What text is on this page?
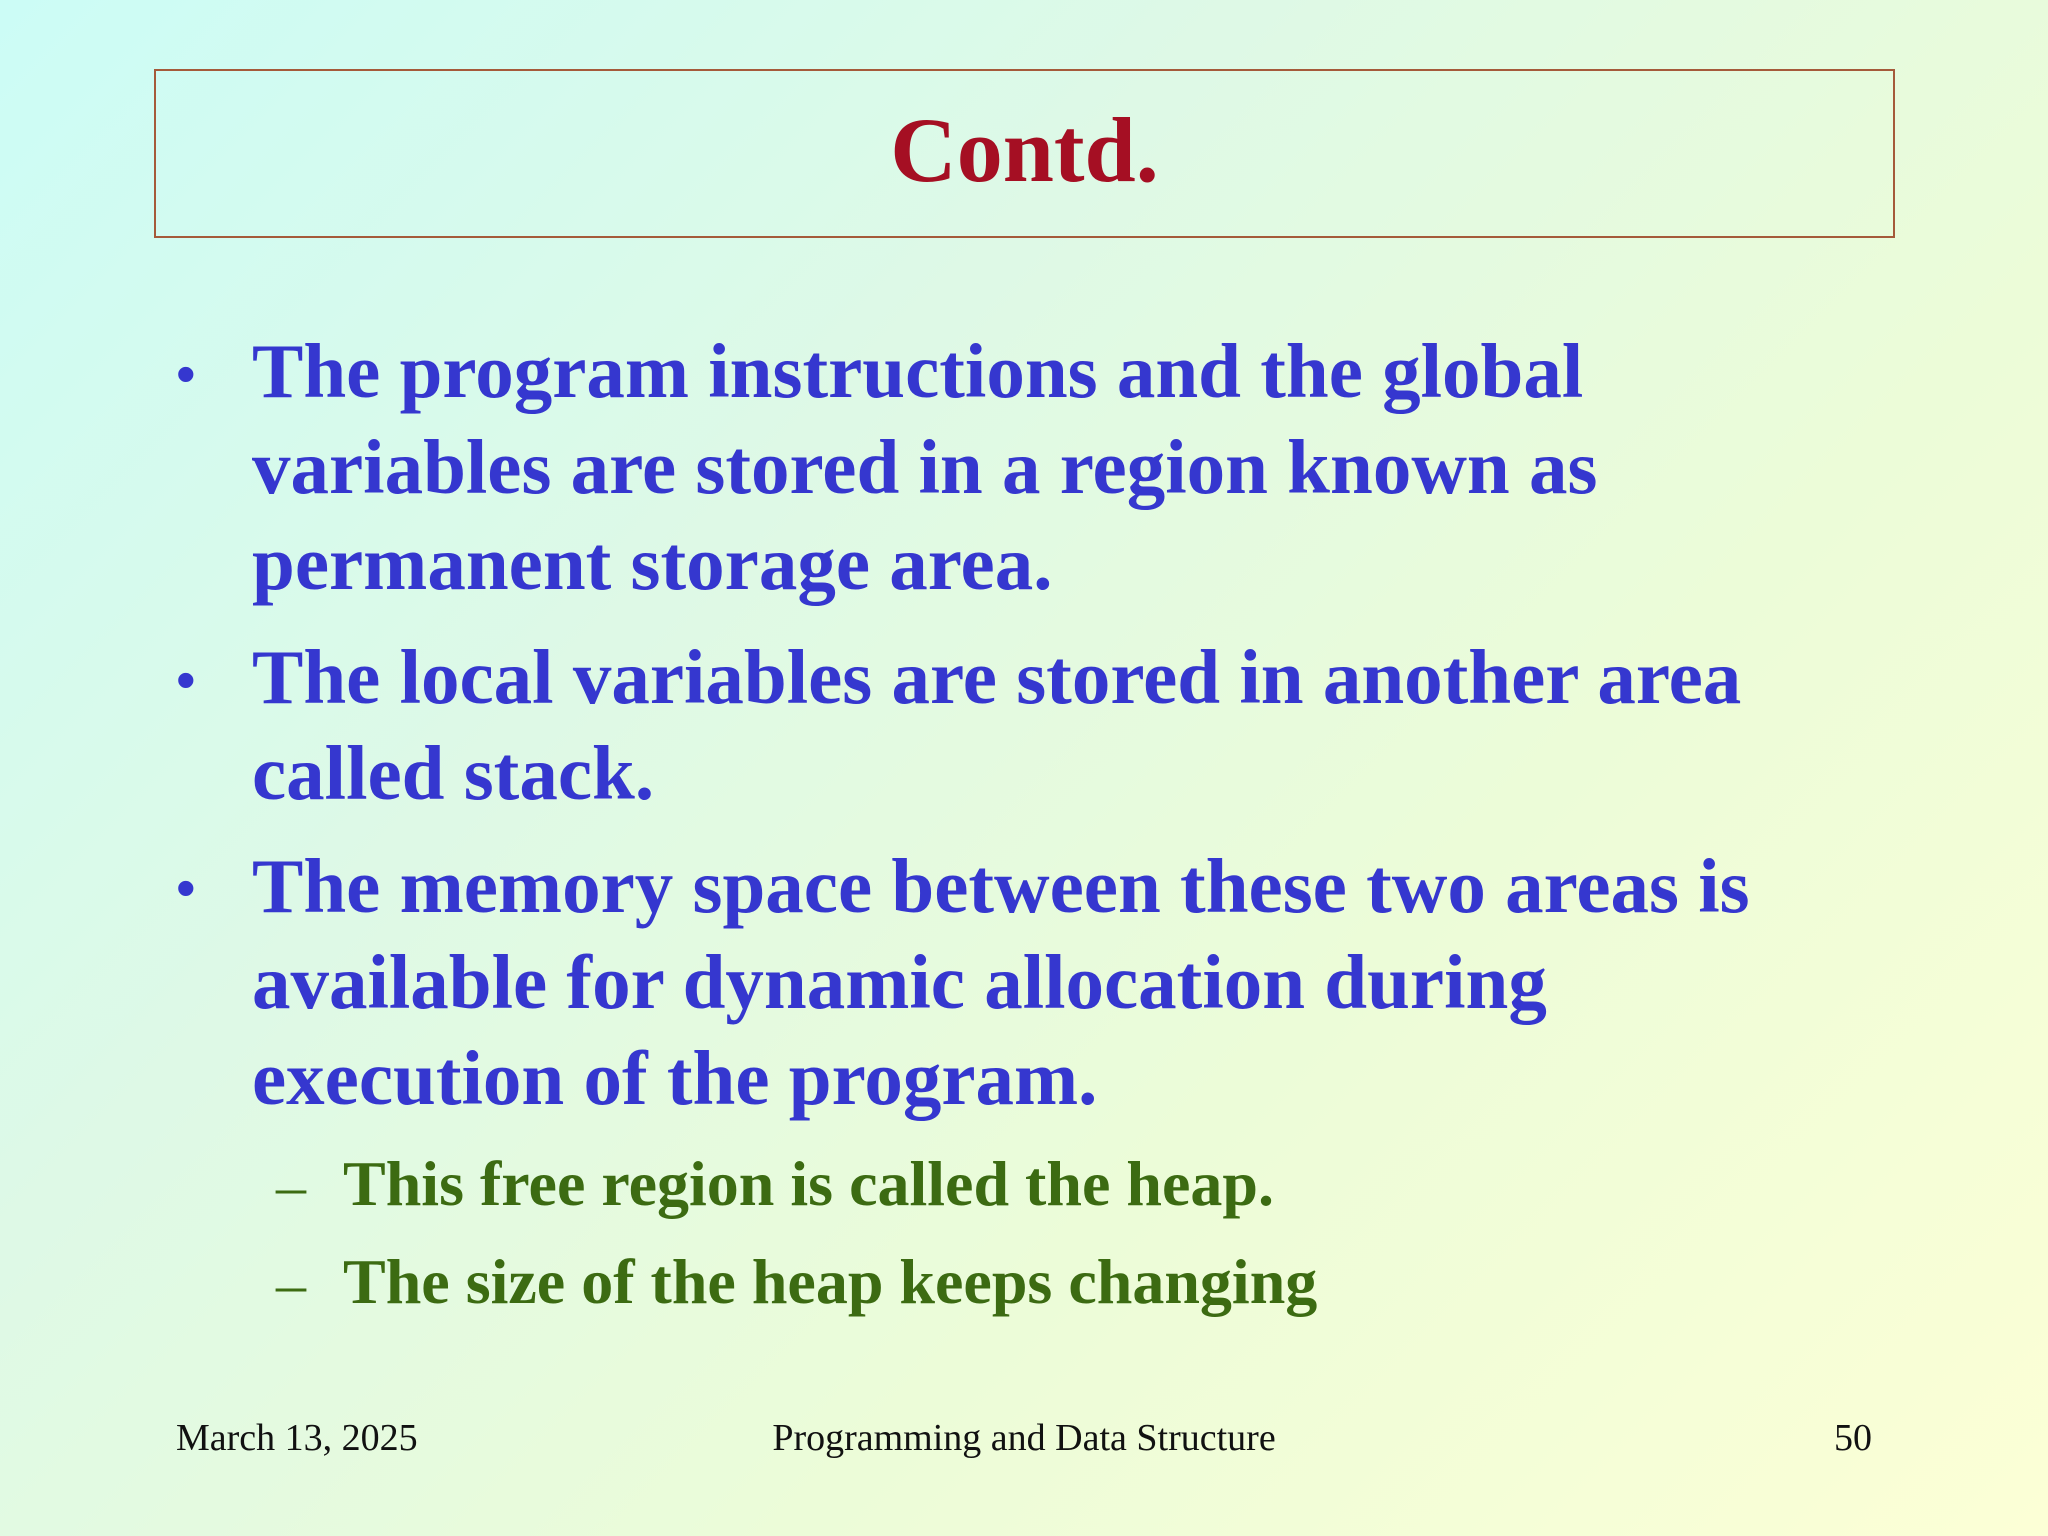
Contd.
• The program instructions and the global
variables are stored in a region known as
permanent storage area.
• The local variables are stored in another area
called stack.
• The memory space between these two areas is
available for dynamic allocation during
execution of the program.
– This free region is called the heap.
– The size of the heap keeps changing
March 13, 2025	Programming and Data Structure	50
